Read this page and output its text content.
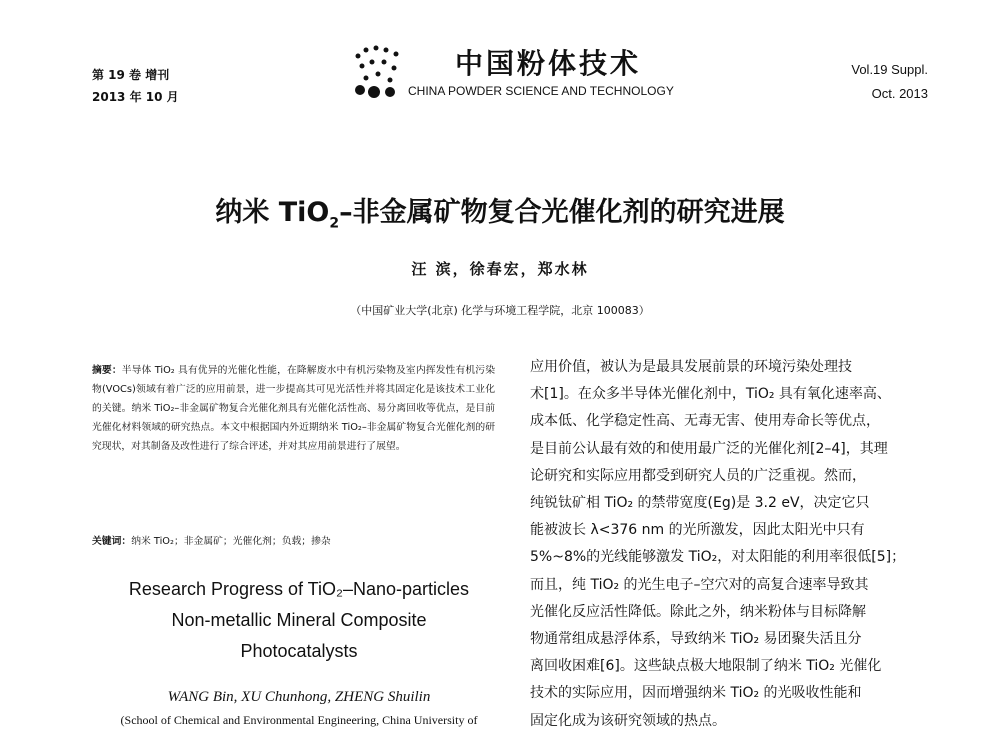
第 19 卷 增刊
2013 年 10 月
中国粉体技术
CHINA POWDER SCIENCE AND TECHNOLOGY
Vol.19 Suppl.
Oct. 2013
纳米 TiO$_2$–非金属矿物复合光催化剂的研究进展
汪 滨，徐春宏，郑水林
（中国矿业大学(北京) 化学与环境工程学院，北京 100083）
摘要：半导体 TiO₂ 具有优异的光催化性能，在降解废水中有机污染物及室内挥发性有机污染物(VOCs)领域有着广泛的应用前景，进一步提高其可见光活性并将其固定化是该技术工业化的关键。纳米 TiO₂–非金属矿物复合光催化剂具有光催化活性高、易分离回收等优点，是目前光催化材料领域的研究热点。本文中根据国内外近期纳米 TiO₂–非金属矿物复合光催化剂的研究现状，对其制备及改性进行了综合评述，并对其应用前景进行了展望。
关键词：纳米 TiO₂；非金属矿；光催化剂；负载；掺杂
Research Progress of TiO₂–Nano-particles
Non-metallic Mineral Composite
Photocatalysts
WANG Bin, XU Chunhong, ZHENG Shuilin
(School of Chemical and Environmental Engineering, China University of
应用价值，被认为是最具发展前景的环境污染处理技
术[1]。在众多半导体光催化剂中，TiO₂ 具有氧化速率高、
成本低、化学稳定性高、无毒无害、使用寿命长等优点，
是目前公认最有效的和使用最广泛的光催化剂[2–4]，其理
论研究和实际应用都受到研究人员的广泛重视。然而，
纯锐钛矿相 TiO₂ 的禁带宽度(Eg)是 3.2 eV，决定它只
能被波长 λ<376 nm 的光所激发，因此太阳光中只有
5%~8%的光线能够激发 TiO₂，对太阳能的利用率很低[5]；
而且，纯 TiO₂ 的光生电子–空穴对的高复合速率导致其
光催化反应活性降低。除此之外，纳米粉体与目标降解
物通常组成悬浮体系，导致纳米 TiO₂ 易团聚失活且分
离回收困难[6]。这些缺点极大地限制了纳米 TiO₂ 光催化
技术的实际应用，因而增强纳米 TiO₂ 的光吸收性能和
固定化成为该研究领域的热点。
